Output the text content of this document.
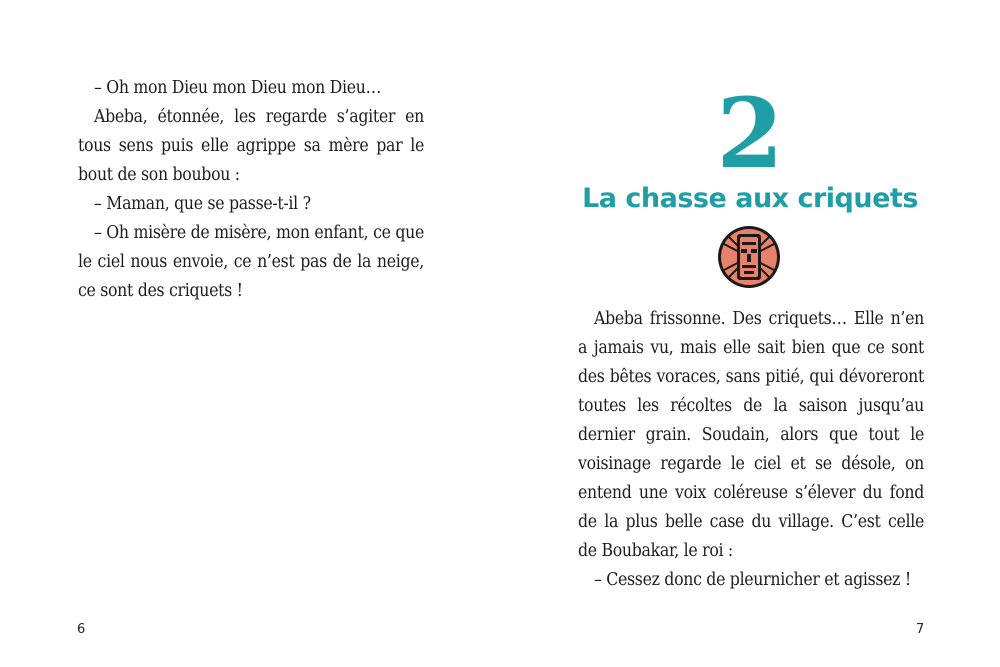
– Oh mon Dieu mon Dieu mon Dieu…

Abeba, étonnée, les regarde s’agiter en tous sens puis elle agrippe sa mère par le bout de son boubou :

– Maman, que se passe-t-il ?

– Oh misère de misère, mon enfant, ce que le ciel nous envoie, ce n’est pas de la neige, ce sont des criquets !

6
2
La chasse aux criquets

Abeba frissonne. Des criquets… Elle n’en a jamais vu, mais elle sait bien que ce sont des bêtes voraces, sans pitié, qui dévoreront toutes les récoltes de la saison jusqu’au dernier grain. Soudain, alors que tout le voisinage regarde le ciel et se désole, on entend une voix coléreuse s’élever du fond de la plus belle case du village. C’est celle de Boubakar, le roi :

– Cessez donc de pleurnicher et agissez !

7
